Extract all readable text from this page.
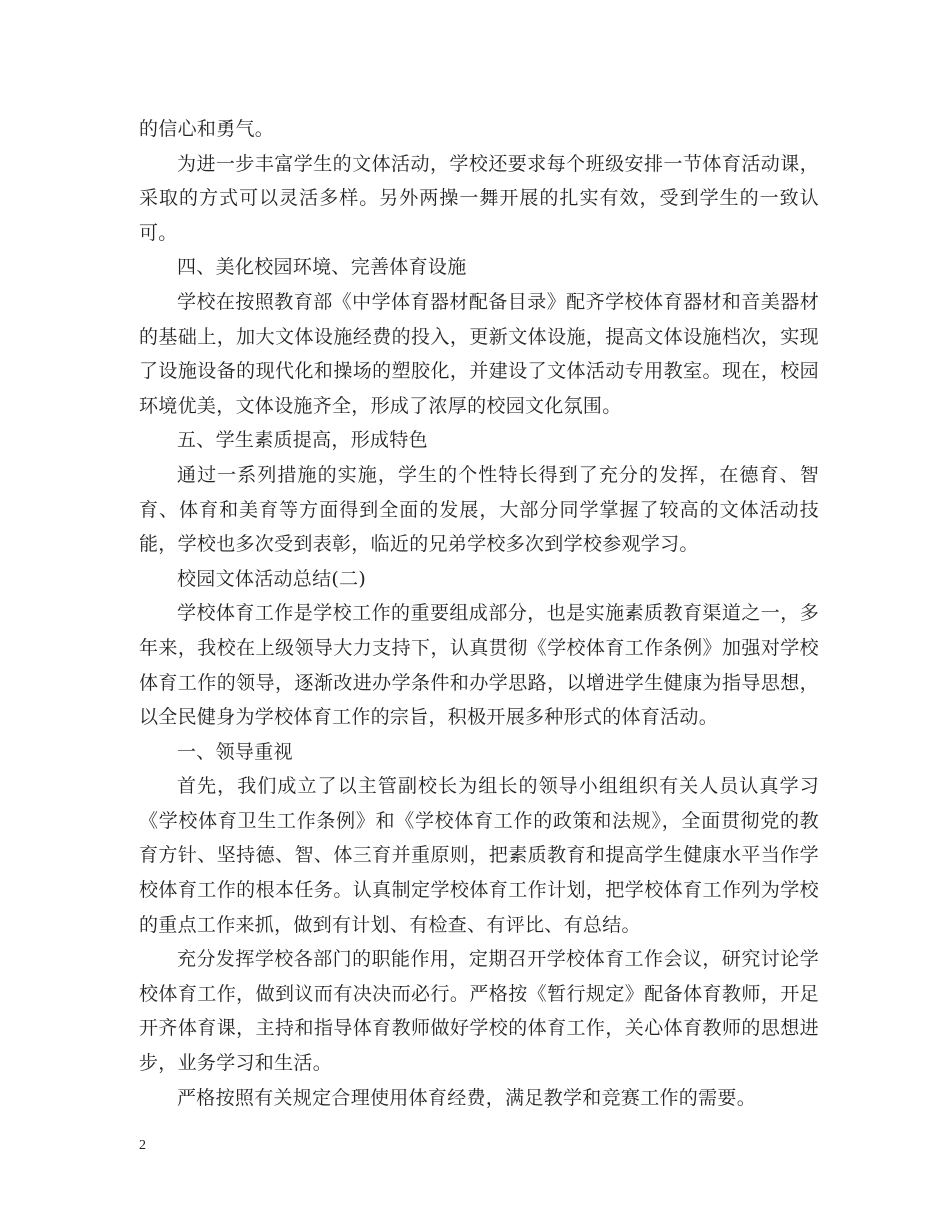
的信心和勇气。

为进一步丰富学生的文体活动，学校还要求每个班级安排一节体育活动课，采取的方式可以灵活多样。另外两操一舞开展的扎实有效，受到学生的一致认可。

四、美化校园环境、完善体育设施

学校在按照教育部《中学体育器材配备目录》配齐学校体育器材和音美器材的基础上，加大文体设施经费的投入，更新文体设施，提高文体设施档次，实现了设施设备的现代化和操场的塑胶化，并建设了文体活动专用教室。现在，校园环境优美，文体设施齐全，形成了浓厚的校园文化氛围。

五、学生素质提高，形成特色

通过一系列措施的实施，学生的个性特长得到了充分的发挥，在德育、智育、体育和美育等方面得到全面的发展，大部分同学掌握了较高的文体活动技能，学校也多次受到表彰，临近的兄弟学校多次到学校参观学习。

校园文体活动总结(二)

学校体育工作是学校工作的重要组成部分，也是实施素质教育渠道之一，多年来，我校在上级领导大力支持下，认真贯彻《学校体育工作条例》加强对学校体育工作的领导，逐渐改进办学条件和办学思路，以增进学生健康为指导思想，以全民健身为学校体育工作的宗旨，积极开展多种形式的体育活动。

一、领导重视

首先，我们成立了以主管副校长为组长的领导小组组织有关人员认真学习《学校体育卫生工作条例》和《学校体育工作的政策和法规》，全面贯彻党的教育方针、坚持德、智、体三育并重原则，把素质教育和提高学生健康水平当作学校体育工作的根本任务。认真制定学校体育工作计划，把学校体育工作列为学校的重点工作来抓，做到有计划、有检查、有评比、有总结。

充分发挥学校各部门的职能作用，定期召开学校体育工作会议，研究讨论学校体育工作，做到议而有决决而必行。严格按《暂行规定》配备体育教师，开足开齐体育课，主持和指导体育教师做好学校的体育工作，关心体育教师的思想进步，业务学习和生活。

严格按照有关规定合理使用体育经费，满足教学和竞赛工作的需要。

2
